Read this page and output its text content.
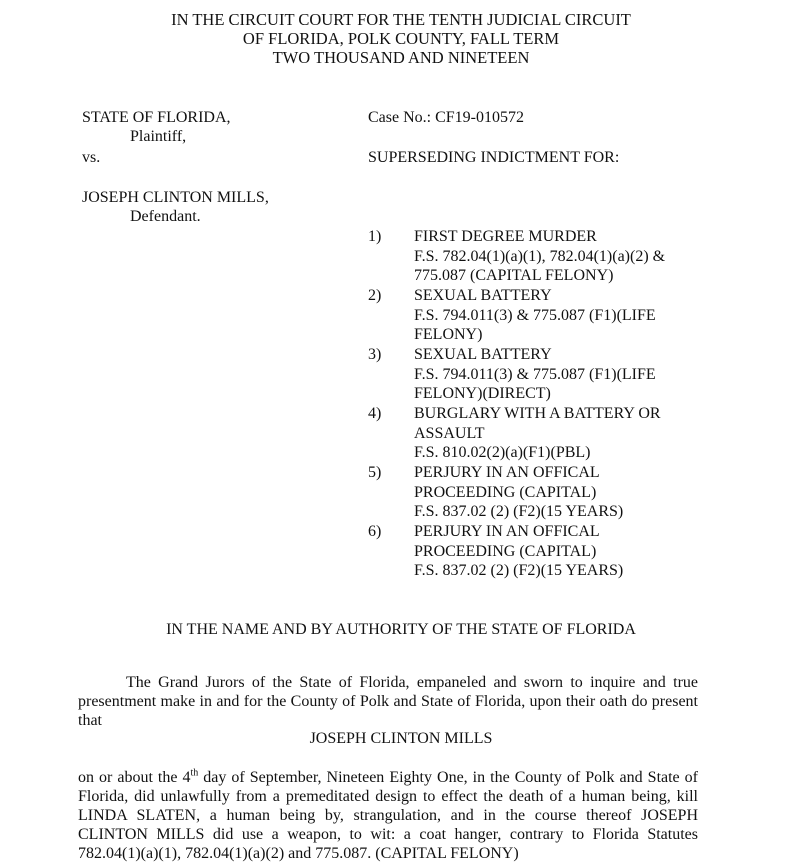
IN THE CIRCUIT COURT FOR THE TENTH JUDICIAL CIRCUIT
OF FLORIDA, POLK COUNTY, FALL TERM
TWO THOUSAND AND NINETEEN
STATE OF FLORIDA,
Plaintiff,
vs.
JOSEPH CLINTON MILLS,
Defendant.
Case No.: CF19-010572
SUPERSEDING INDICTMENT FOR:
1) FIRST DEGREE MURDER
F.S. 782.04(1)(a)(1), 782.04(1)(a)(2) &
775.087 (CAPITAL FELONY)
2) SEXUAL BATTERY
F.S. 794.011(3) & 775.087 (F1)(LIFE
FELONY)
3) SEXUAL BATTERY
F.S. 794.011(3) & 775.087 (F1)(LIFE
FELONY)(DIRECT)
4) BURGLARY WITH A BATTERY OR
ASSAULT
F.S. 810.02(2)(a)(F1)(PBL)
5) PERJURY IN AN OFFICAL
PROCEEDING (CAPITAL)
F.S. 837.02 (2) (F2)(15 YEARS)
6) PERJURY IN AN OFFICAL
PROCEEDING (CAPITAL)
F.S. 837.02 (2) (F2)(15 YEARS)
IN THE NAME AND BY AUTHORITY OF THE STATE OF FLORIDA
The Grand Jurors of the State of Florida, empaneled and sworn to inquire and true
presentment make in and for the County of Polk and State of Florida, upon their oath do present
that
JOSEPH CLINTON MILLS
on or about the 4th day of September, Nineteen Eighty One, in the County of Polk and State of
Florida, did unlawfully from a premeditated design to effect the death of a human being, kill
LINDA SLATEN, a human being by, strangulation, and in the course thereof JOSEPH
CLINTON MILLS did use a weapon, to wit: a coat hanger, contrary to Florida Statutes
782.04(1)(a)(1), 782.04(1)(a)(2) and 775.087. (CAPITAL FELONY)
